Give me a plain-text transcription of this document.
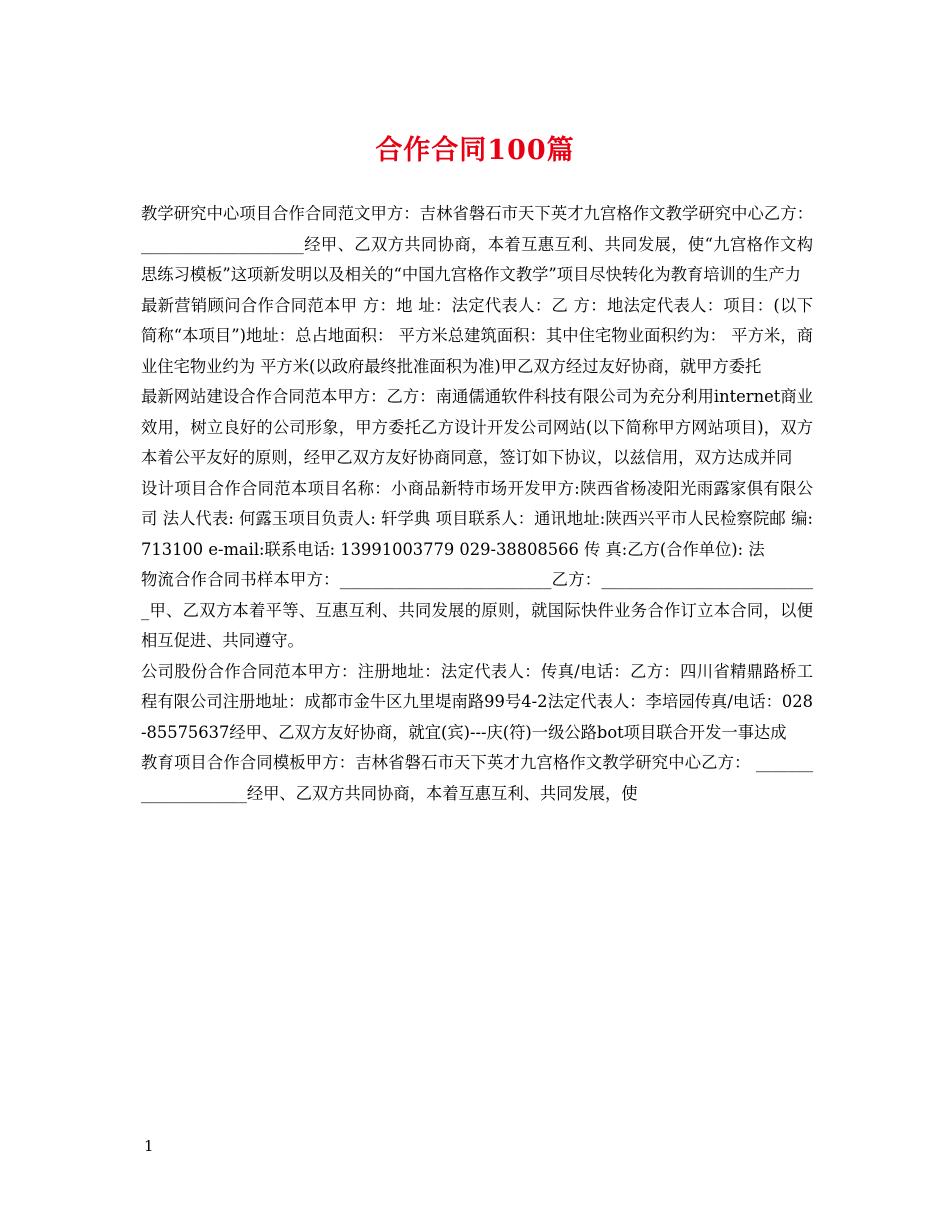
合作合同100篇

教学研究中心项目合作合同范文甲方：吉林省磐石市天下英才九宫格作文教学研究中心乙方： ____________________经甲、乙双方共同协商，本着互惠互利、共同发展，使“九宫格作文构思练习模板”这项新发明以及相关的“中国九宫格作文教学”项目尽快转化为教育培训的生产力

最新营销顾问合作合同范本甲 方：地 址：法定代表人：乙 方：地法定代表人：项目：(以下简称“本项目”)地址：总占地面积： 平方米总建筑面积：其中住宅物业面积约为： 平方米，商业住宅物业约为 平方米(以政府最终批准面积为准)甲乙双方经过友好协商，就甲方委托

最新网站建设合作合同范本甲方：乙方：南通儒通软件科技有限公司为充分利用internet商业效用，树立良好的公司形象，甲方委托乙方设计开发公司网站(以下简称甲方网站项目)，双方本着公平友好的原则，经甲乙双方友好协商同意，签订如下协议，以兹信用，双方达成并同

设计项目合作合同范本项目名称：小商品新特市场开发甲方:陕西省杨凌阳光雨露家俱有限公司 法人代表: 何露玉项目负责人: 轩学典 项目联系人：通讯地址:陕西兴平市人民检察院邮 编: 713100 e-mail:联系电话: 13991003779 029-38808566 传 真:乙方(合作单位): 法

物流合作合同书样本甲方：__________________________乙方：___________________________甲、乙双方本着平等、互惠互利、共同发展的原则，就国际快件业务合作订立本合同，以便相互促进、共同遵守。

公司股份合作合同范本甲方：注册地址：法定代表人：传真/电话：乙方：四川省精鼎路桥工程有限公司注册地址：成都市金牛区九里堤南路99号4-2法定代表人：李培园传真/电话：028-85575637经甲、乙双方友好协商，就宜(宾)---庆(符)一级公路bot项目联合开发一事达成

教育项目合作合同模板甲方：吉林省磐石市天下英才九宫格作文教学研究中心乙方： ____________________经甲、乙双方共同协商，本着互惠互利、共同发展，使

1
